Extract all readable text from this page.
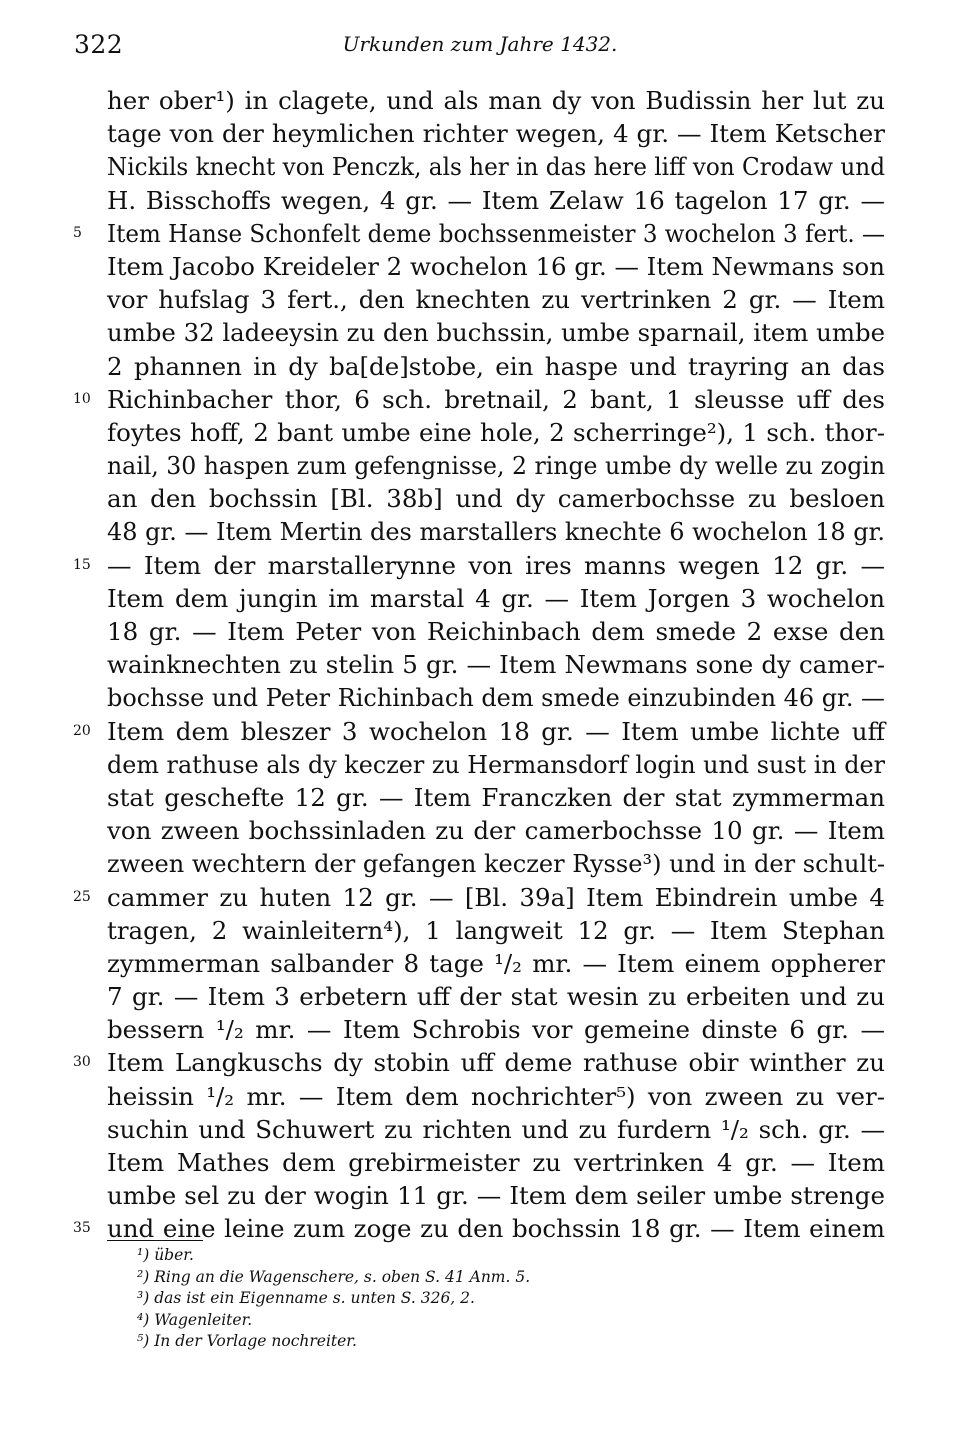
322	Urkunden zum Jahre 1432.
her ober¹) in clagete, und als man dy von Budissin her lut zu
tage von der heymlichen richter wegen, 4 gr. — Item Ketscher
Nickils knecht von Penczk, als her in das here liff von Crodaw und
H. Bisschoffs wegen, 4 gr. — Item Zelaw 16 tagelon 17 gr. —
5	Item Hanse Schonfelt deme bochssenmeister 3 wochelon 3 fert. —
Item Jacobo Kreideler 2 wochelon 16 gr. — Item Newmans son
vor hufslag 3 fert., den knechten zu vertrinken 2 gr. — Item
umbe 32 ladeeysin zu den buchssin, umbe sparnail, item umbe
2 phannen in dy ba[de]stobe, ein haspe und trayring an das
10 Richinbacher thor, 6 sch. bretnail, 2 bant, 1 sleusse uff des
foytes hoff, 2 bant umbe eine hole, 2 scherringe²), 1 sch. thor-
nail, 30 haspen zum gefengnisse, 2 ringe umbe dy welle zu zogin
an den bochssin [Bl. 38b] und dy camerbochsse zu besloen
48 gr. — Item Mertin des marstallers knechte 6 wochelon 18 gr.
15 — Item der marstallerynne von ires manns wegen 12 gr. —
Item dem jungin im marstal 4 gr. — Item Jorgen 3 wochelon
18 gr. — Item Peter von Reichinbach dem smede 2 exse den
wainknechten zu stelin 5 gr. — Item Newmans sone dy camer-
bochsse und Peter Richinbach dem smede einzubinden 46 gr. —
20 Item dem bleszer 3 wochelon 18 gr. — Item umbe lichte uff
dem rathuse als dy keczer zu Hermansdorf login und sust in der
stat geschefte 12 gr. — Item Franczken der stat zymmerman
von zween bochssinladen zu der camerbochsse 10 gr. — Item
zween wechtern der gefangen keczer Rysse³) und in der schult-
25 cammer zu huten 12 gr. — [Bl. 39a] Item Ebindrein umbe 4
tragen, 2 wainleitern⁴), 1 langweit 12 gr. — Item Stephan
zymmerman salbander 8 tage ¹/₂ mr. — Item einem oppherer
7 gr. — Item 3 erbetern uff der stat wesin zu erbeiten und zu
bessern ¹/₂ mr. — Item Schrobis vor gemeine dinste 6 gr. —
30 Item Langkuschs dy stobin uff deme rathuse obir winther zu
heissin ¹/₂ mr. — Item dem nochrichter⁵) von zween zu ver-
suchin und Schuwert zu richten und zu furdern ¹/₂ sch. gr. —
Item Mathes dem grebirmeister zu vertrinken 4 gr. — Item
umbe sel zu der wogin 11 gr. — Item dem seiler umbe strenge
35 und eine leine zum zoge zu den bochssin 18 gr. — Item einem
¹) über.
²) Ring an die Wagenschere, s. oben S. 41 Anm. 5.
³) das ist ein Eigenname s. unten S. 326, 2.
⁴) Wagenleiter.
⁵) In der Vorlage nochreiter.
